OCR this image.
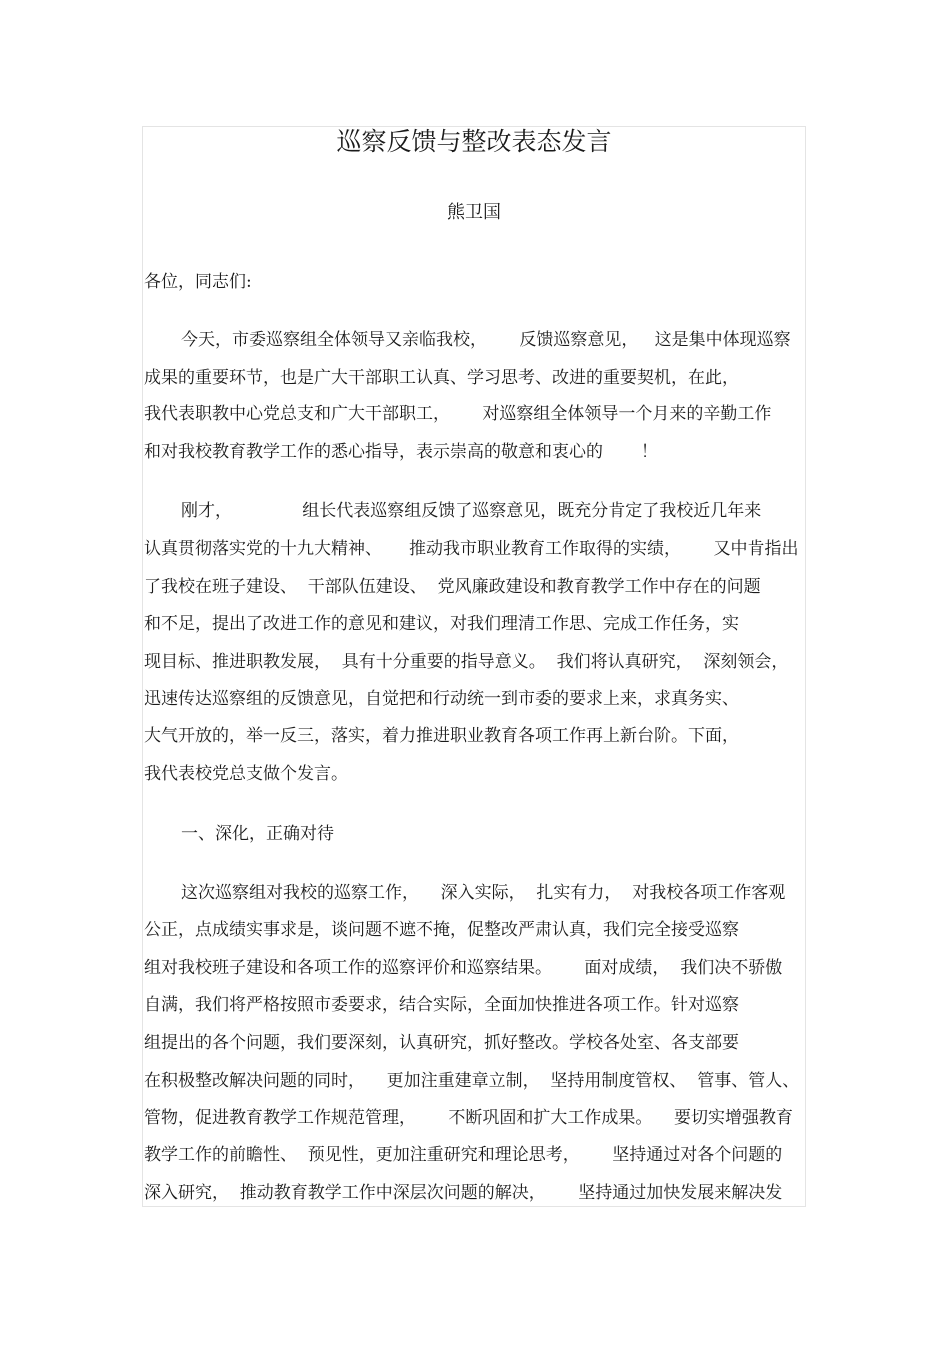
巡察反馈与整改表态发言
熊卫国
各位，同志们:
今天，市委巡察组全体领导又亲临我校，      反馈巡察意见，   这是集中体现巡察
成果的重要环节，也是广大干部职工认真、学习思考、改进的重要契机，在此，
我代表职教中心党总支和广大干部职工，      对巡察组全体领导一个月来的辛勤工作
和对我校教育教学工作的悉心指导，表示崇高的敬意和衷心的       ！
刚才，             组长代表巡察组反馈了巡察意见，既充分肯定了我校近几年来
认真贯彻落实党的十九大精神、     推动我市职业教育工作取得的实绩，      又中肯指出
了我校在班子建设、  干部队伍建设、  党风廉政建设和教育教学工作中存在的问题
和不足，提出了改进工作的意见和建议，对我们理清工作思、完成工作任务，实
现目标、推进职教发展，  具有十分重要的指导意义。  我们将认真研究，  深刻领会，
迅速传达巡察组的反馈意见，自觉把和行动统一到市委的要求上来，求真务实、
大气开放的，举一反三，落实，着力推进职业教育各项工作再上新台阶。下面，
我代表校党总支做个发言。
一、深化，正确对待
这次巡察组对我校的巡察工作，    深入实际，  扎实有力，  对我校各项工作客观
公正，点成绩实事求是，谈问题不遮不掩，促整改严肃认真，我们完全接受巡察
组对我校班子建设和各项工作的巡察评价和巡察结果。      面对成绩，  我们决不骄傲
自满，我们将严格按照市委要求，结合实际，全面加快推进各项工作。针对巡察
组提出的各个问题，我们要深刻，认真研究，抓好整改。学校各处室、各支部要
在积极整改解决问题的同时，    更加注重建章立制，  坚持用制度管权、  管事、管人、
管物，促进教育教学工作规范管理，      不断巩固和扩大工作成果。    要切实增强教育
教学工作的前瞻性、  预见性，更加注重研究和理论思考，      坚持通过对各个问题的
深入研究，  推动教育教学工作中深层次问题的解决，      坚持通过加快发展来解决发
